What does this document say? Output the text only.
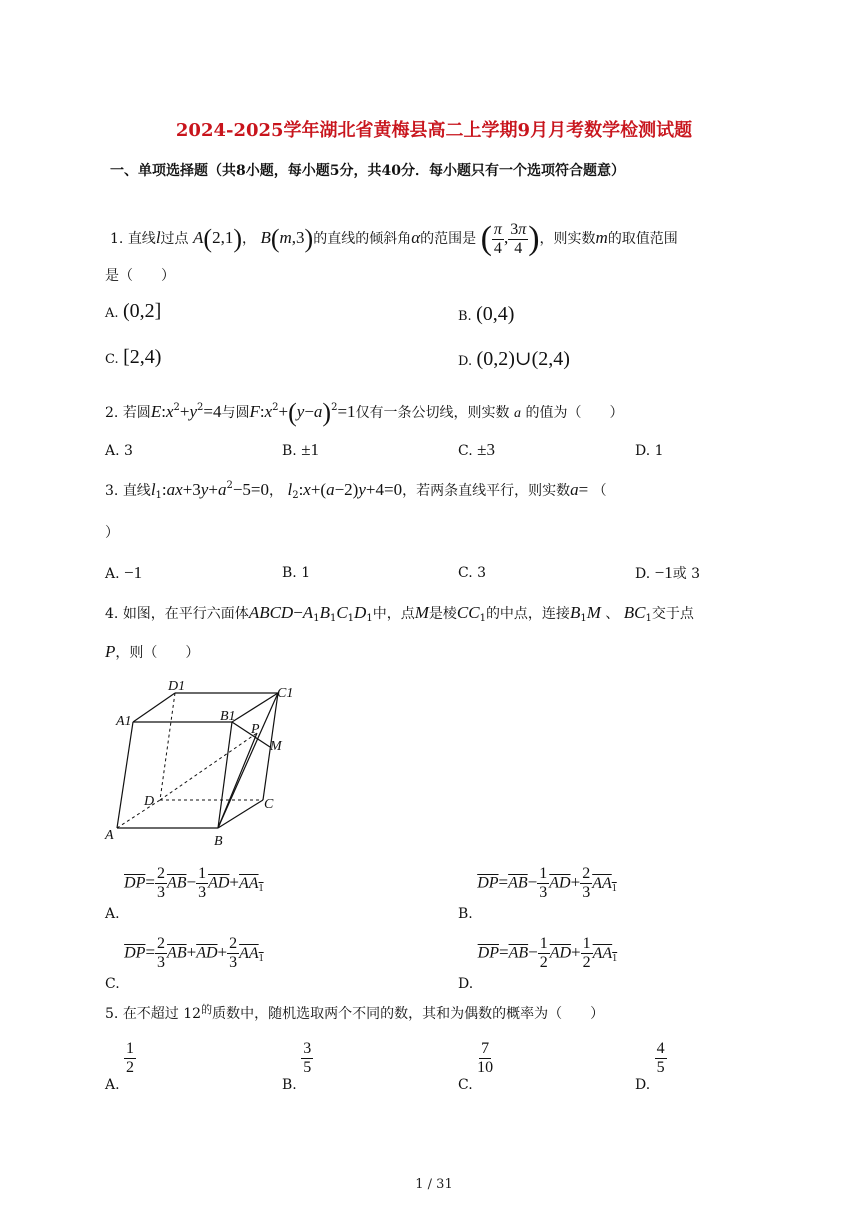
2024-2025学年湖北省黄梅县高二上学期9月月考数学检测试题
一、单项选择题（共8小题，每小题5分，共40分．每小题只有一个选项符合题意）
1. 直线l过点 A(2,1)， B(m,3)的直线的倾斜角α的范围是 ( $\frac{\pi}{4}$ , $\frac{3\pi}{4}$ )，则实数m的取值范围
是（　　）
A. (0,2]	B. (0,4)
C. [2,4)	D. (0,2)∪(2,4)
2. 若圆$E:x^2+y^2=4$与圆$F:x^2+(y-a)^2=1$仅有一条公切线，则实数 a 的值为（　　）
A. 3	B. ±1	C. ±3	D. 1
3. 直线$l_1:ax+3y+a^2-5=0$， $l_2:x+(a-2)y+4=0$，若两条直线平行，则实数a= （
）
A. −1	B. 1	C. 3	D. −1或 3
4. 如图，在平行六面体$ABCD-A_1B_1C_1D_1$中，点M是棱$CC_1$的中点，连接$B_1M$ 、 $BC_1$交于点
P，则（　　）
D1	C1
A1	B1
P
M
D	C
A	B
A. $\overline{DP}= \frac{2}{3} \overline{AB}- \frac{1}{3} \overline{AD}+AA_1$
B. $\overline{DP}=\overline{AB}- \frac{1}{3} \overline{AD}+ \frac{2}{3} AA_1$
C. $\overline{DP}= \frac{2}{3} \overline{AB}+\overline{AD}+ \frac{2}{3} AA_1$
D. $\overline{DP}=\overline{AB}- \frac{1}{2} \overline{AD}+ \frac{1}{2} AA_1$
5. 在不超过 $12^的$质数中，随机选取两个不同的数，其和为偶数的概率为（　　）
A.
$\frac{1}{2}$
B.
$\frac{3}{5}$
C.
$\frac{7}{10}$
D.
$\frac{4}{5}$
1 / 31
